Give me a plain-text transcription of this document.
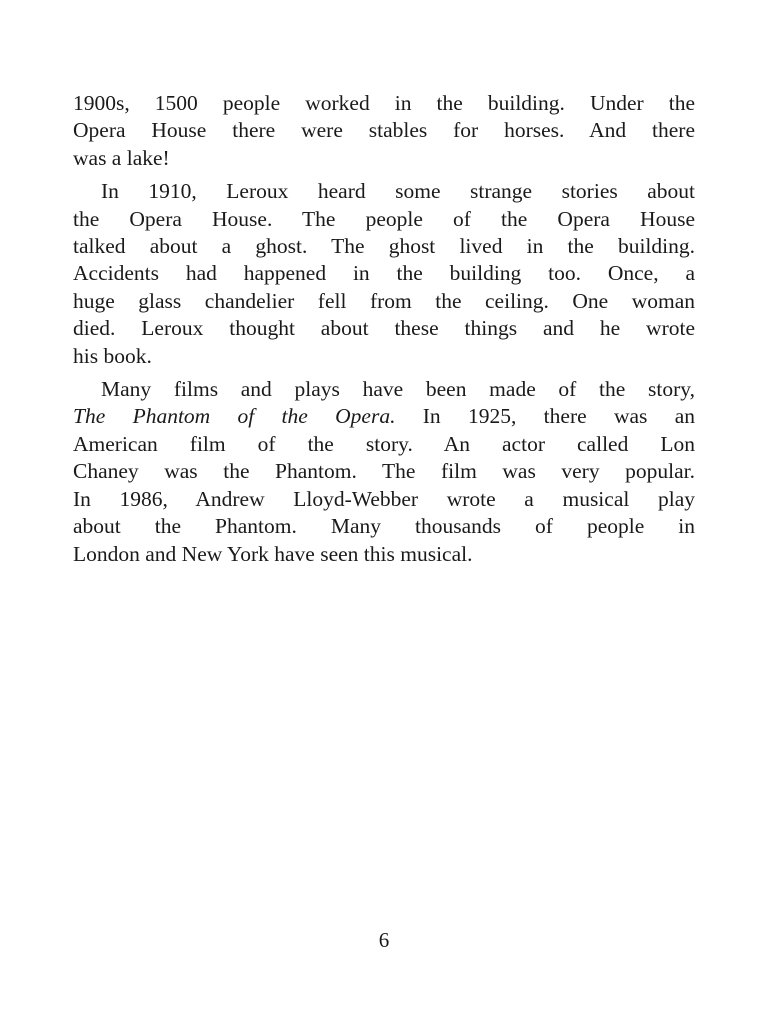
1900s, 1500 people worked in the building. Under the
Opera House there were stables for horses. And there
was a lake!

In 1910, Leroux heard some strange stories about
the Opera House. The people of the Opera House
talked about a ghost. The ghost lived in the building.
Accidents had happened in the building too. Once, a
huge glass chandelier fell from the ceiling. One woman
died. Leroux thought about these things and he wrote
his book.

Many films and plays have been made of the story,
The Phantom of the Opera. In 1925, there was an
American film of the story. An actor called Lon
Chaney was the Phantom. The film was very popular.
In 1986, Andrew Lloyd-Webber wrote a musical play
about the Phantom. Many thousands of people in
London and New York have seen this musical.

6
